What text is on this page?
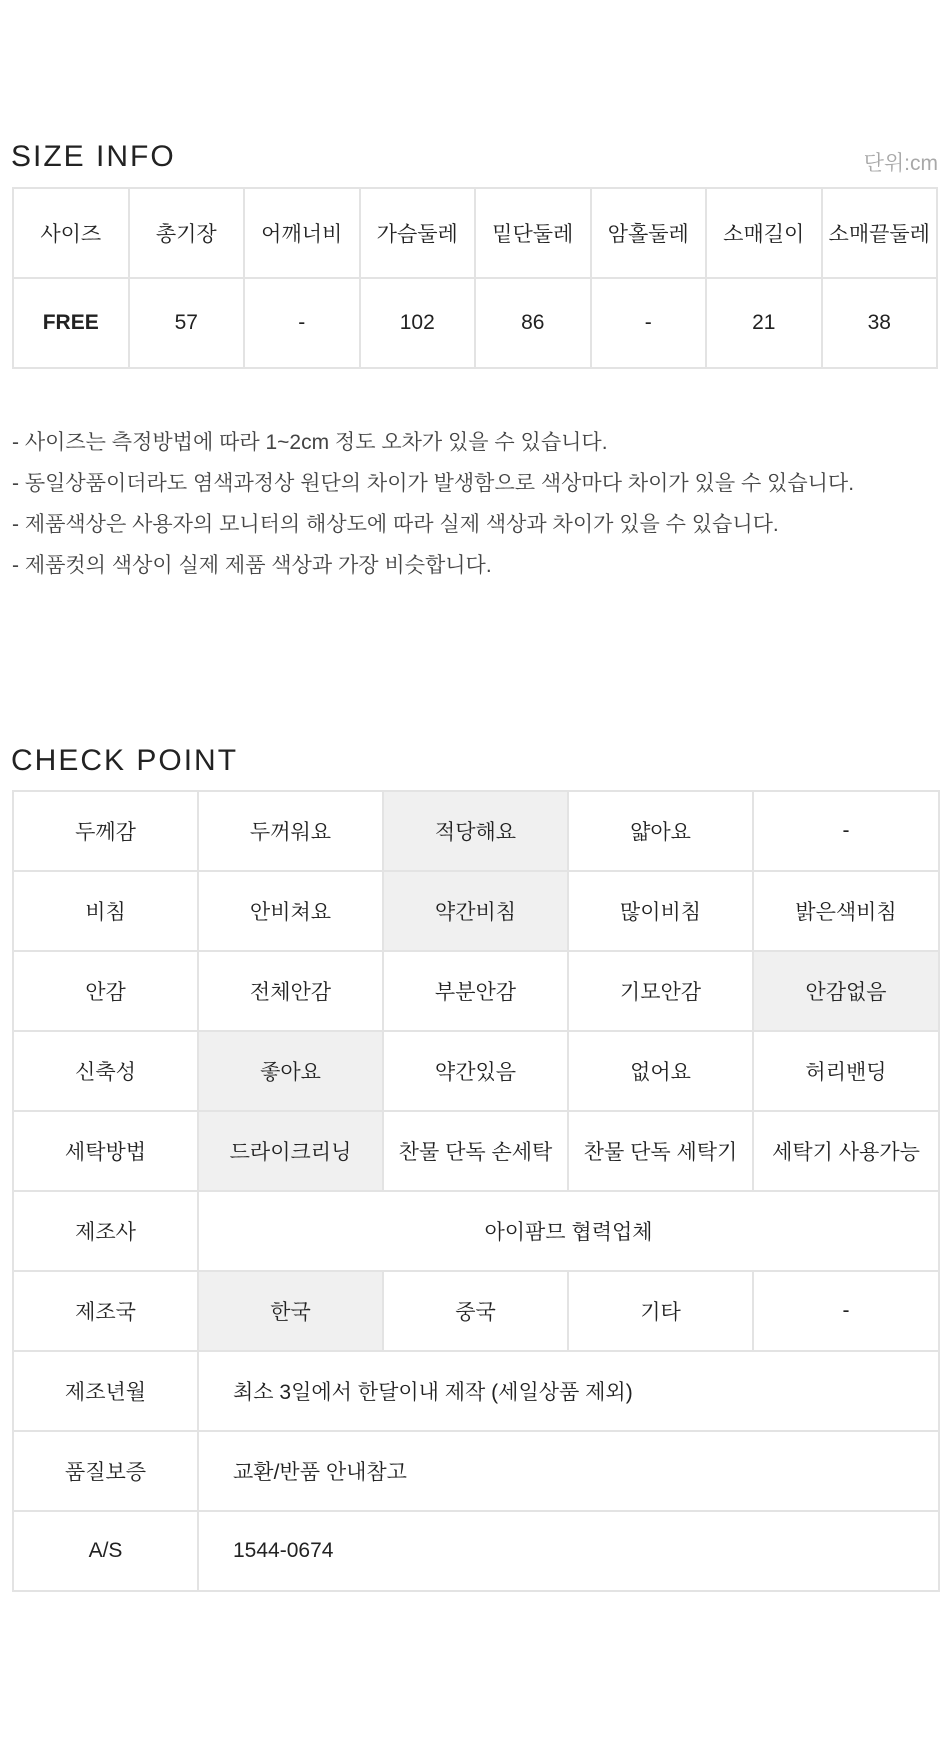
SIZE INFO	단위:cm
사이즈	총기장	어깨너비	가슴둘레	밑단둘레	암홀둘레	소매길이	소매끝둘레
FREE	57	-	102	86	-	21	38
- 사이즈는 측정방법에 따라 1~2cm 정도 오차가 있을 수 있습니다.
- 동일상품이더라도 염색과정상 원단의 차이가 발생함으로 색상마다 차이가 있을 수 있습니다.
- 제품색상은 사용자의 모니터의 해상도에 따라 실제 색상과 차이가 있을 수 있습니다.
- 제품컷의 색상이 실제 제품 색상과 가장 비슷합니다.
CHECK POINT
두께감	두꺼워요	적당해요	얇아요	-
비침	안비쳐요	약간비침	많이비침	밝은색비침
안감	전체안감	부분안감	기모안감	안감없음
신축성	좋아요	약간있음	없어요	허리밴딩
세탁방법	드라이크리닝	찬물 단독 손세탁	찬물 단독 세탁기	세탁기 사용가능
제조사	아이팜므 협력업체			
제조국	한국	중국	기타	-
제조년월	최소 3일에서 한달이내 제작 (세일상품 제외)			
품질보증	교환/반품 안내참고			
A/S	1544-0674			
